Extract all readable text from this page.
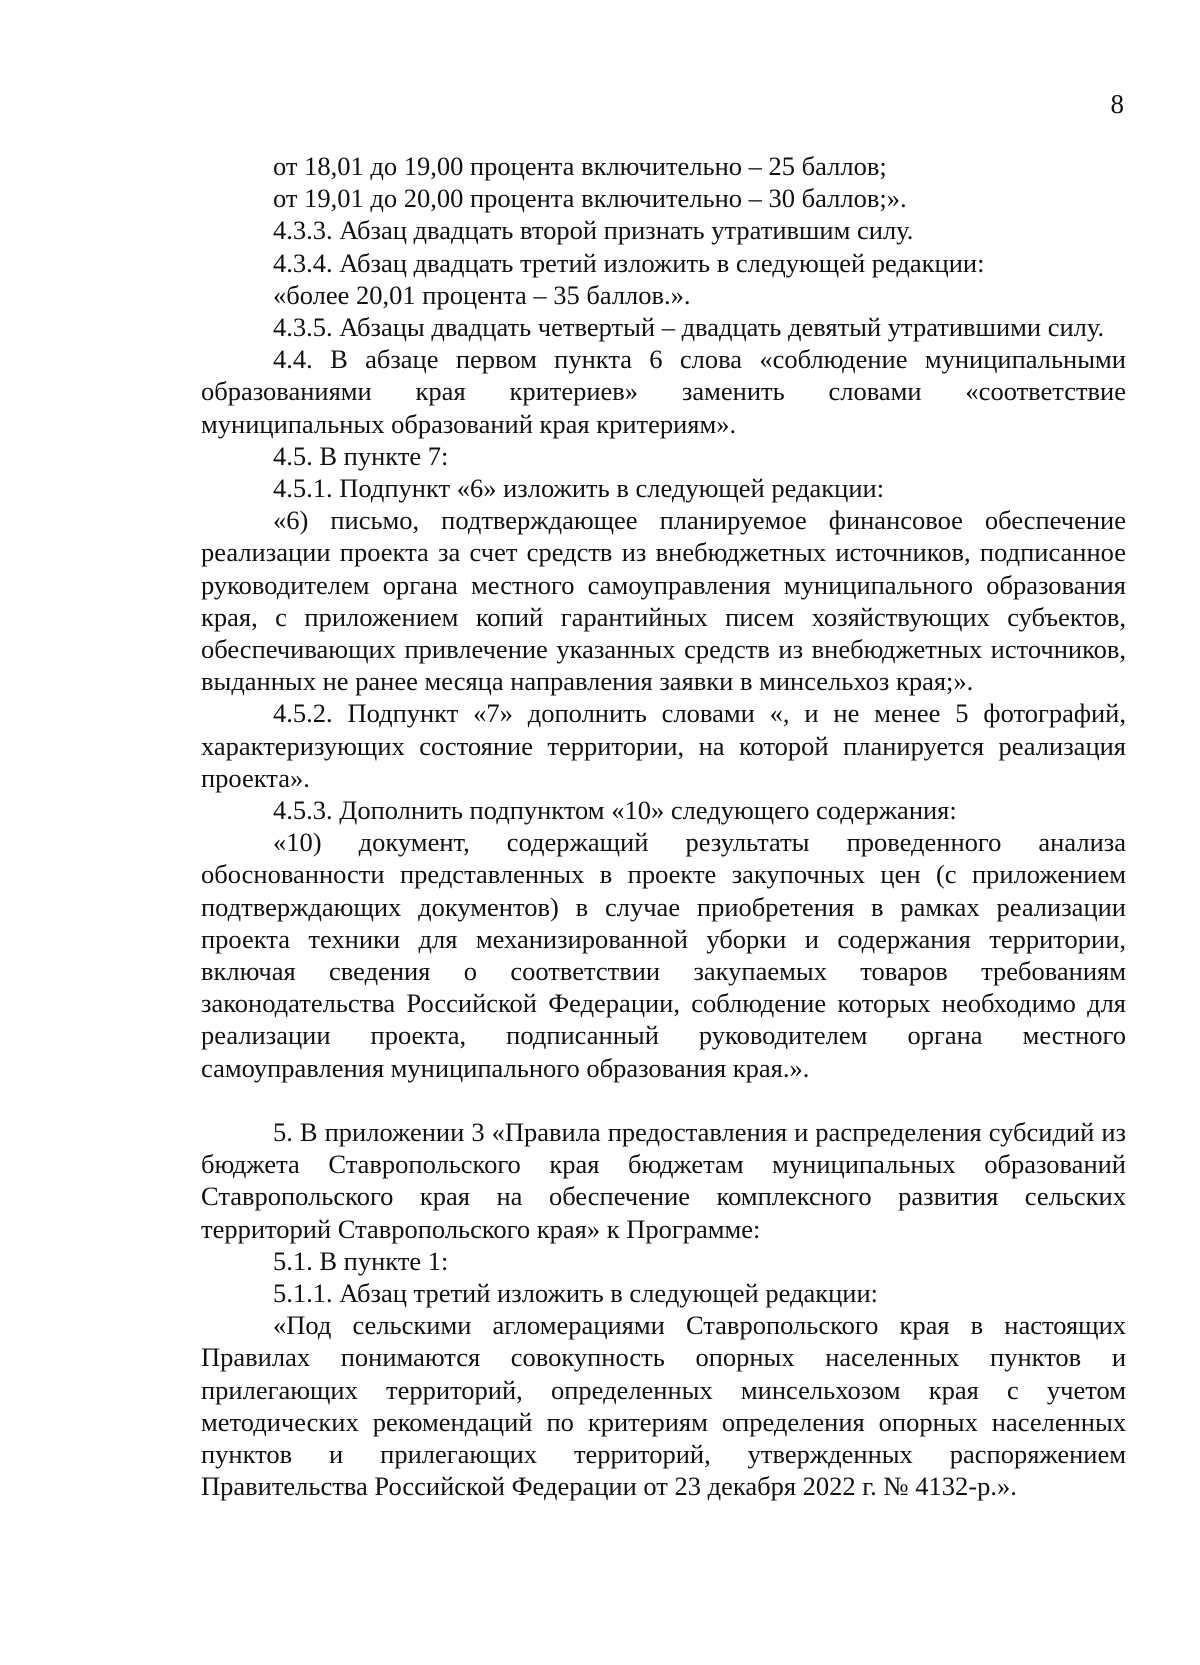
8

от 18,01 до 19,00 процента включительно – 25 баллов;

от 19,01 до 20,00 процента включительно – 30 баллов;».

4.3.3. Абзац двадцать второй признать утратившим силу.

4.3.4. Абзац двадцать третий изложить в следующей редакции:

«более 20,01 процента – 35 баллов.».

4.3.5. Абзацы двадцать четвертый – двадцать девятый утратившими силу.

4.4. В абзаце первом пункта 6 слова «соблюдение муниципальными образованиями края критериев» заменить словами «соответствие муниципальных образований края критериям».

4.5. В пункте 7:

4.5.1. Подпункт «6» изложить в следующей редакции:

«6) письмо, подтверждающее планируемое финансовое обеспечение реализации проекта за счет средств из внебюджетных источников, подписанное руководителем органа местного самоуправления муниципального образования края, с приложением копий гарантийных писем хозяйствующих субъектов, обеспечивающих привлечение указанных средств из внебюджетных источников, выданных не ранее месяца направления заявки в минсельхоз края;».

4.5.2. Подпункт «7» дополнить словами «, и не менее 5 фотографий, характеризующих состояние территории, на которой планируется реализация проекта».

4.5.3. Дополнить подпунктом «10» следующего содержания:

«10) документ, содержащий результаты проведенного анализа обоснованности представленных в проекте закупочных цен (с приложением подтверждающих документов) в случае приобретения в рамках реализации проекта техники для механизированной уборки и содержания территории, включая сведения о соответствии закупаемых товаров требованиям законодательства Российской Федерации, соблюдение которых необходимо для реализации проекта, подписанный руководителем органа местного самоуправления муниципального образования края.».

5. В приложении 3 «Правила предоставления и распределения субсидий из бюджета Ставропольского края бюджетам муниципальных образований Ставропольского края на обеспечение комплексного развития сельских территорий Ставропольского края» к Программе:

5.1. В пункте 1:

5.1.1. Абзац третий изложить в следующей редакции:

«Под сельскими агломерациями Ставропольского края в настоящих Правилах понимаются совокупность опорных населенных пунктов и прилегающих территорий, определенных минсельхозом края с учетом методических рекомендаций по критериям определения опорных населенных пунктов и прилегающих территорий, утвержденных распоряжением Правительства Российской Федерации от 23 декабря 2022 г. № 4132-р.».
